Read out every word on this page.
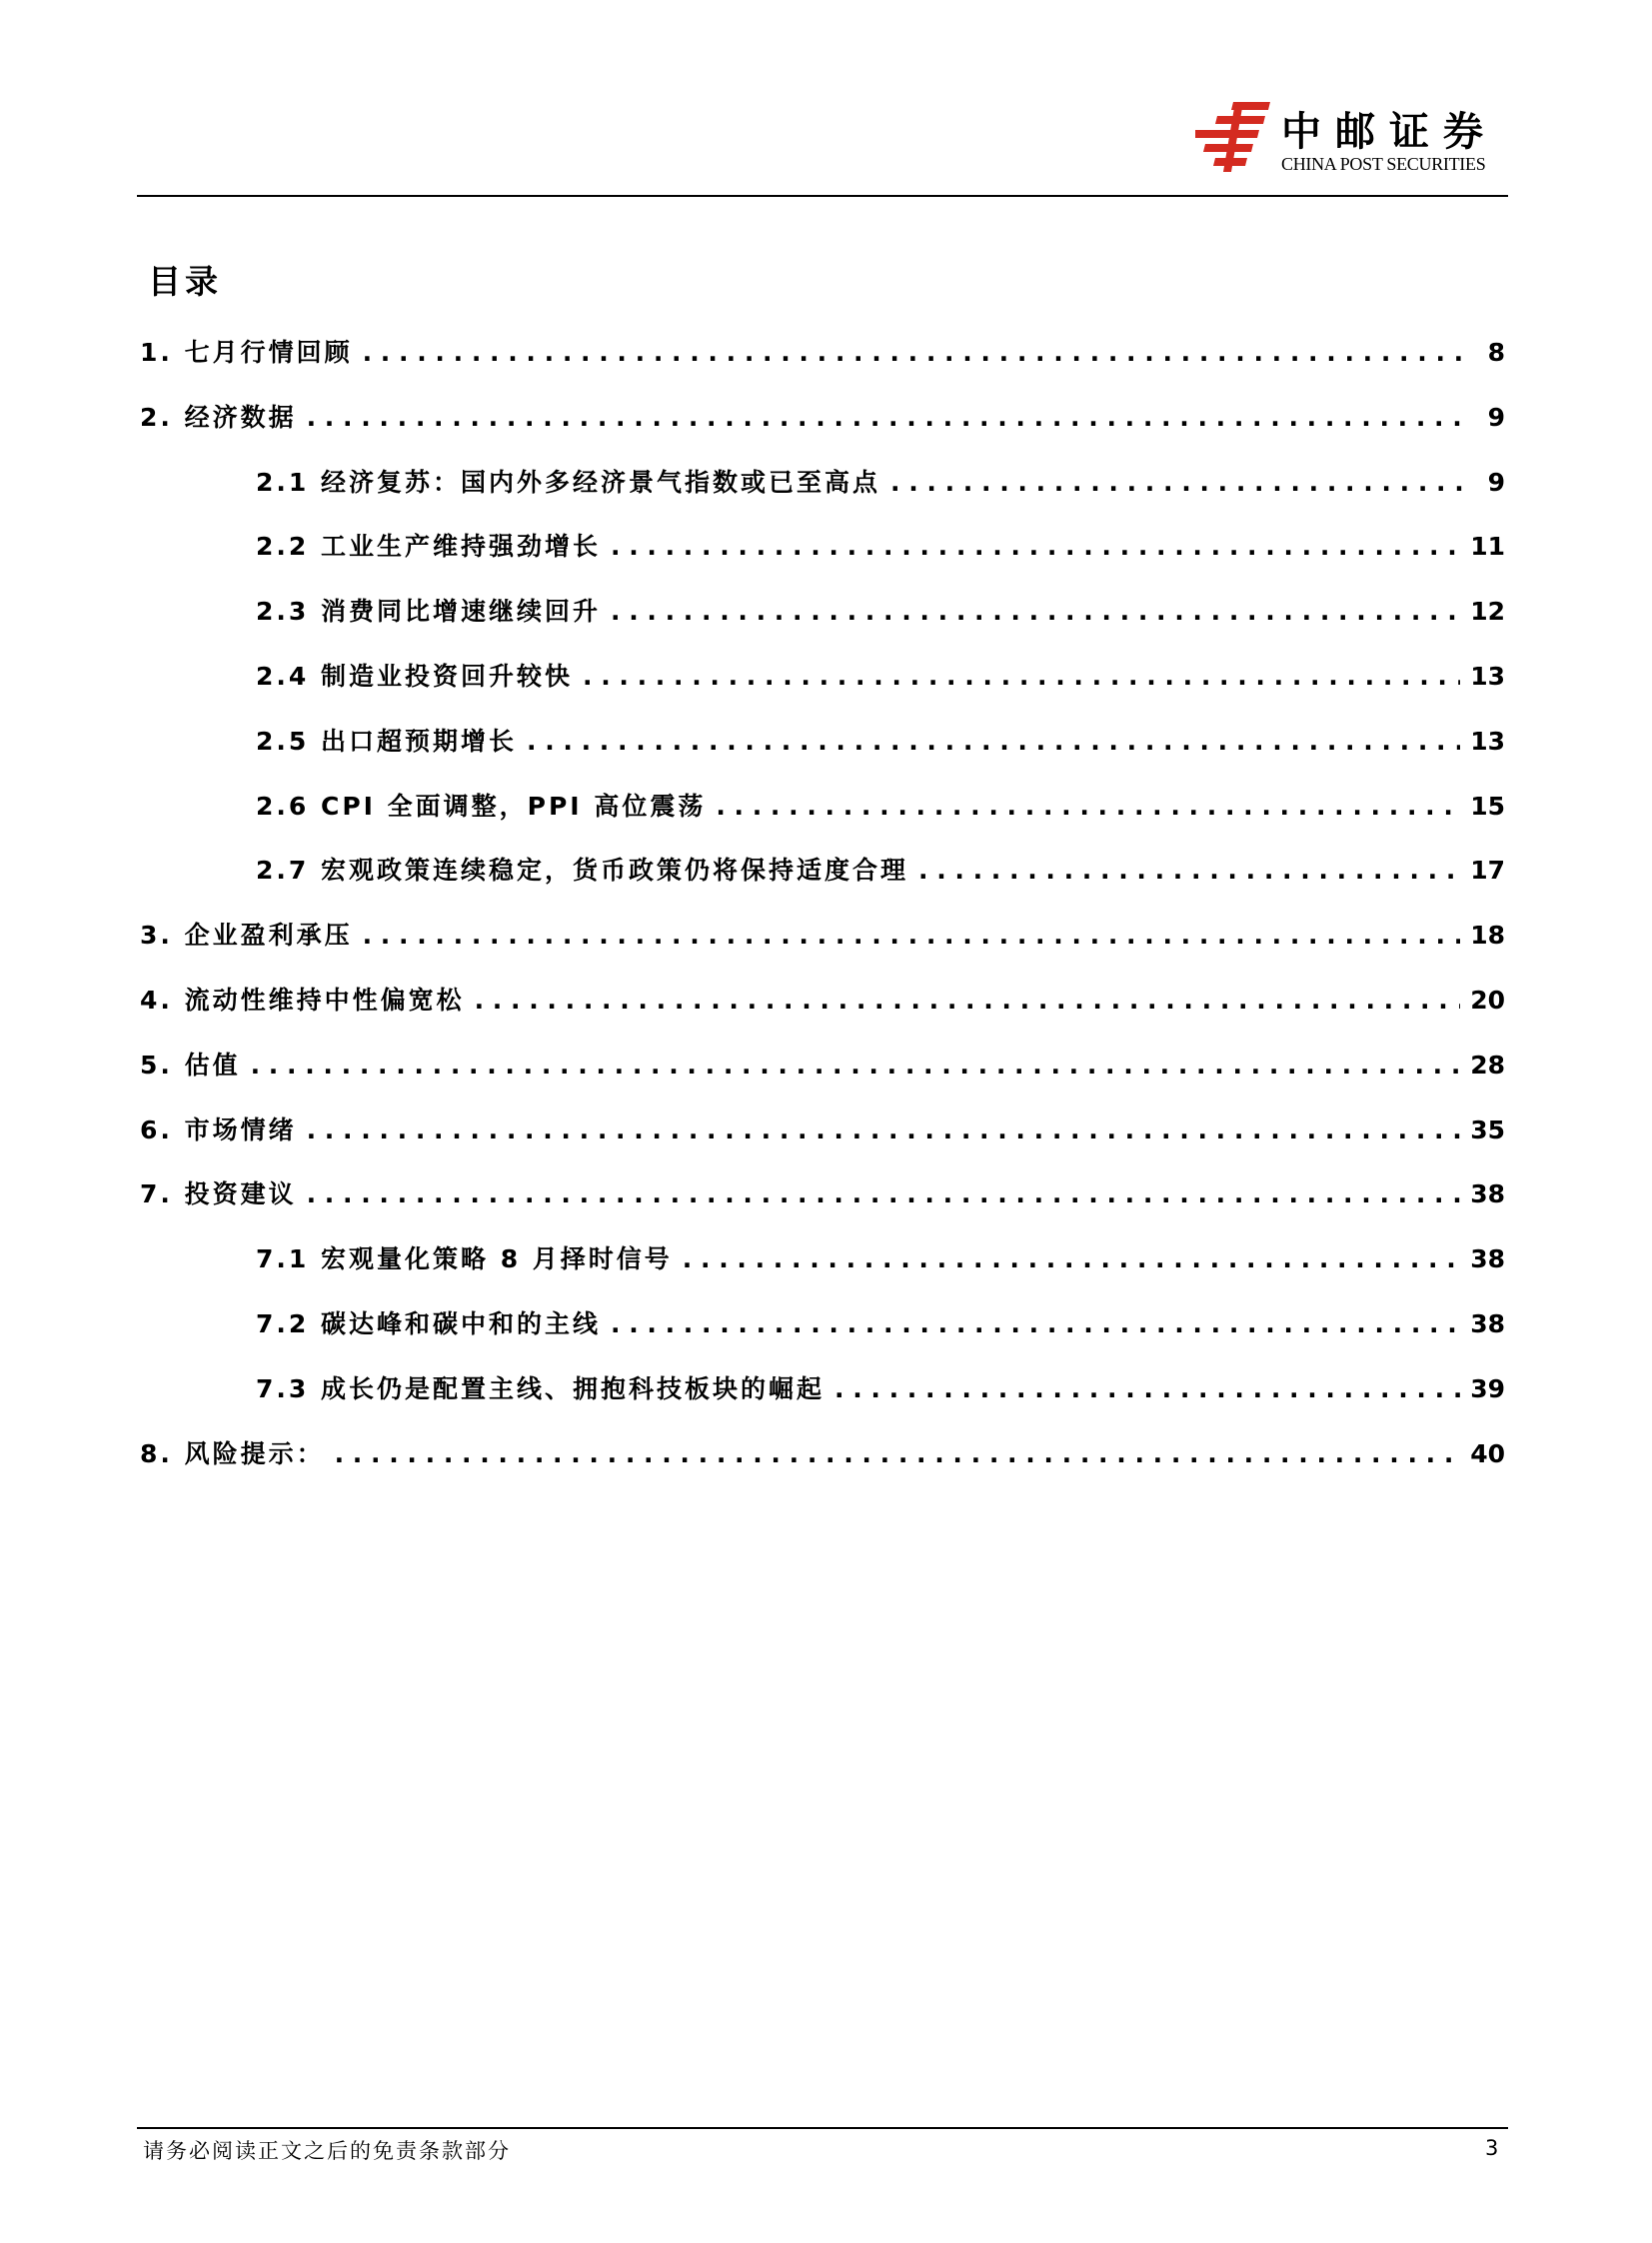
中邮证券
CHINA POST SECURITIES
目录
1. 七月行情回顾 . . .	8
2. 经济数据 . . .	9
2.1 经济复苏：国内外多经济景气指数或已至高点 . . .	9
2.2 工业生产维持强劲增长 . . .	11
2.3 消费同比增速继续回升 . . .	12
2.4 制造业投资回升较快 . . .	13
2.5 出口超预期增长 . . .	13
2.6 CPI 全面调整，PPI 高位震荡 . . .	15
2.7 宏观政策连续稳定，货币政策仍将保持适度合理 . . .	17
3. 企业盈利承压 . . .	18
4. 流动性维持中性偏宽松 . . .	20
5. 估值 . . .	28
6. 市场情绪 . . .	35
7. 投资建议 . . .	38
7.1 宏观量化策略 8 月择时信号 . . .	38
7.2 碳达峰和碳中和的主线 . . .	38
7.3 成长仍是配置主线、拥抱科技板块的崛起 . . .	39
8. 风险提示： . . .	40
请务必阅读正文之后的免责条款部分	3
